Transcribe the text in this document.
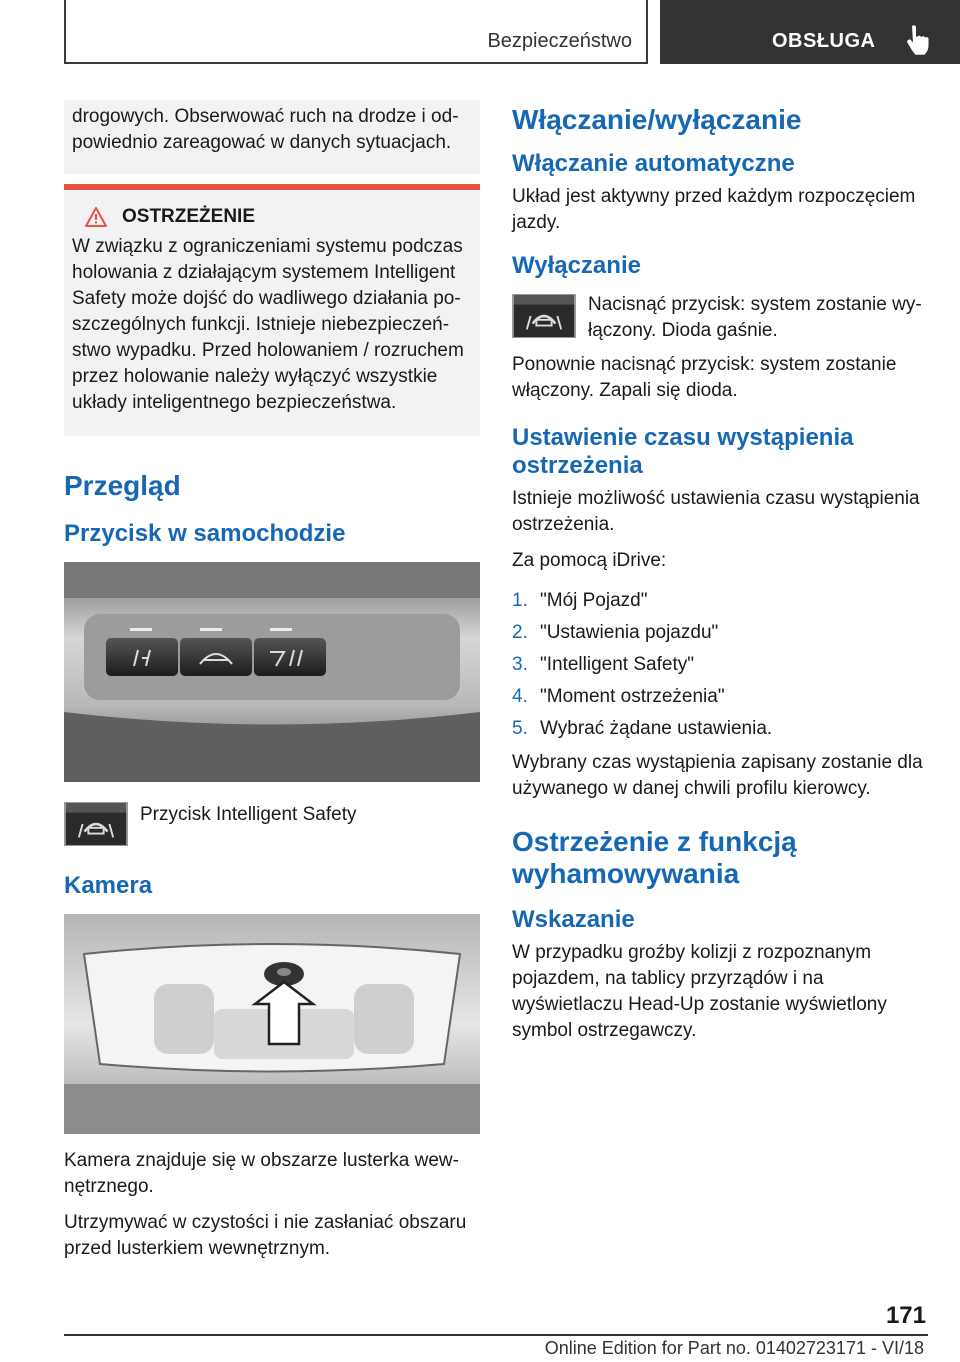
Bezpieczeństwo	OBSŁUGA

drogowych. Obserwować ruch na drodze i odpowiednio zareagować w danych sytuacjach.

OSTRZEŻENIE

W związku z ograniczeniami systemu podczas holowania z działającym systemem Intelligent Safety może dojść do wadliwego działania poszczególnych funkcji. Istnieje niebezpieczeństwo wypadku. Przed holowaniem / rozruchem przez holowanie należy wyłączyć wszystkie układy inteligentnego bezpieczeństwa.

Przegląd
Przycisk w samochodzie

Przycisk Intelligent Safety

Kamera

Kamera znajduje się w obszarze lusterka wewnętrznego.

Utrzymywać w czystości i nie zasłaniać obszaru przed lusterkiem wewnętrznym.

Włączanie/wyłączanie
Włączanie automatyczne

Układ jest aktywny przed każdym rozpoczęciem jazdy.

Wyłączanie

Nacisnąć przycisk: system zostanie wyłączony. Dioda gaśnie.

Ponownie nacisnąć przycisk: system zostanie włączony. Zapali się dioda.

Ustawienie czasu wystąpienia ostrzeżenia

Istnieje możliwość ustawienia czasu wystąpienia ostrzeżenia.

Za pomocą iDrive:

1. "Mój Pojazd"
2. "Ustawienia pojazdu"
3. "Intelligent Safety"
4. "Moment ostrzeżenia"
5. Wybrać żądane ustawienia.

Wybrany czas wystąpienia zapisany zostanie dla używanego w danej chwili profilu kierowcy.

Ostrzeżenie z funkcją wyhamowywania
Wskazanie

W przypadku groźby kolizji z rozpoznanym pojazdem, na tablicy przyrządów i na wyświetlaczu Head-Up zostanie wyświetlony symbol ostrzegawczy.

171
Online Edition for Part no. 01402723171 - VI/18
